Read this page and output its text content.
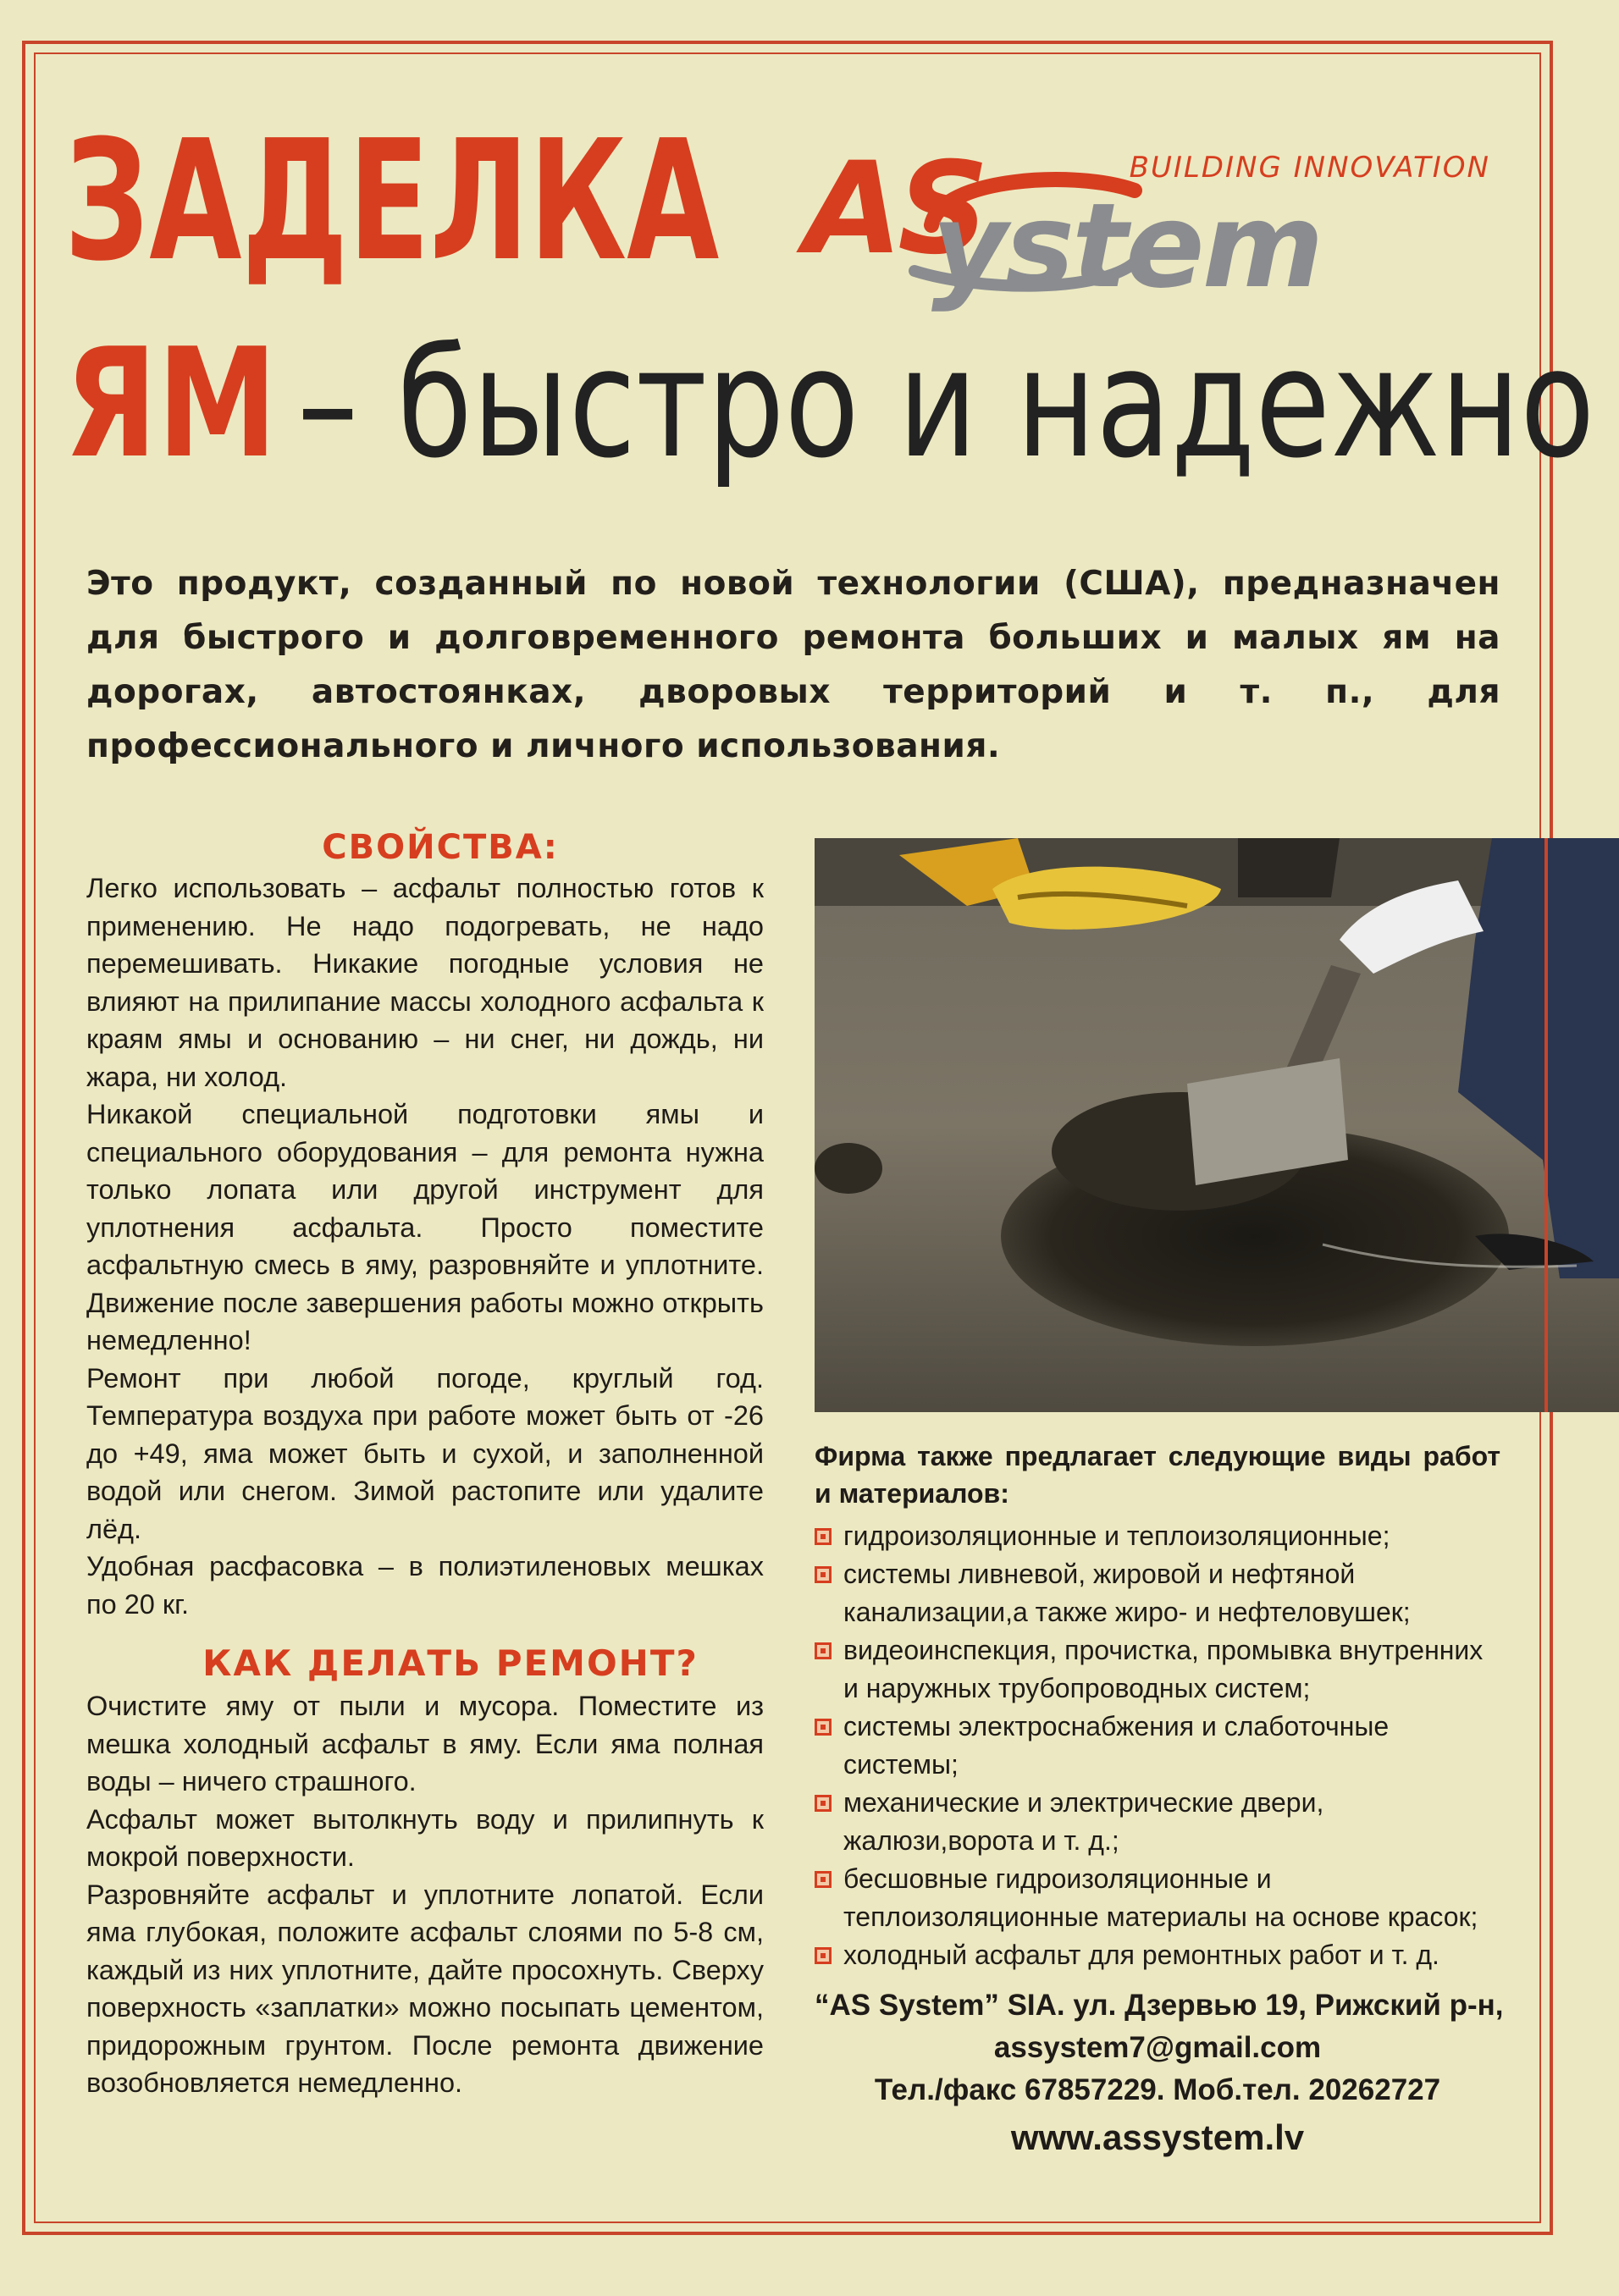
ЗАДЕЛКА
ЯМ – быстро и надежно
AS
ystem
BUILDING INNOVATION

Это продукт, созданный по новой технологии (США), предназначен для быстрого и долговременного ремонта больших и малых ям на дорогах, автостоянках, дворовых территорий и т. п., для профессионального и личного использования.

СВОЙСТВА:

Легко использовать – асфальт полностью готов к применению. Не надо подогревать, не надо перемешивать. Никакие погодные условия не влияют на прилипание массы холодного асфальта к краям ямы и основанию – ни снег, ни дождь, ни жара, ни холод.

Никакой специальной подготовки ямы и специального оборудования – для ремонта нужна только лопата или другой инструмент для уплотнения асфальта. Просто поместите асфальтную смесь в яму, разровняйте и уплотните. Движение после завершения работы можно открыть немедленно!

Ремонт при любой погоде, круглый год. Температура воздуха при работе может быть от -26 до +49, яма может быть и сухой, и заполненной водой или снегом. Зимой растопите или удалите лёд.

Удобная расфасовка – в полиэтиленовых мешках по 20 кг.

КАК ДЕЛАТЬ РЕМОНТ?

Очистите яму от пыли и мусора. Поместите из мешка холодный асфальт в яму. Если яма полная воды – ничего страшного.

Асфальт может вытолкнуть воду и прилипнуть к мокрой поверхности.

Разровняйте асфальт и уплотните лопатой. Если яма глубокая, положите асфальт слоями по 5-8 см, каждый из них уплотните, дайте просохнуть. Сверху поверхность «заплатки» можно посыпать цементом, придорожным грунтом. После ремонта движение возобновляется немедленно.

Фирма также предлагает следующие виды работ и материалов:

гидроизоляционные и теплоизоляционные;
системы ливневой, жировой и нефтяной канализации,а также жиро- и нефтеловушек;
видеоинспекция, прочистка, промывка внутренних и наружных трубопроводных систем;
системы электроснабжения и слаботочные системы;
механические и электрические двери, жалюзи,ворота и т. д.;
бесшовные гидроизоляционные и теплоизоляционные материалы на основе красок;
холодный асфальт для ремонтных работ и т. д.
“AS System” SIA. ул. Дзервью 19, Рижский р-н,
assystem7@gmail.com
Тел./факс 67857229. Моб.тел. 20262727
www.assystem.lv
